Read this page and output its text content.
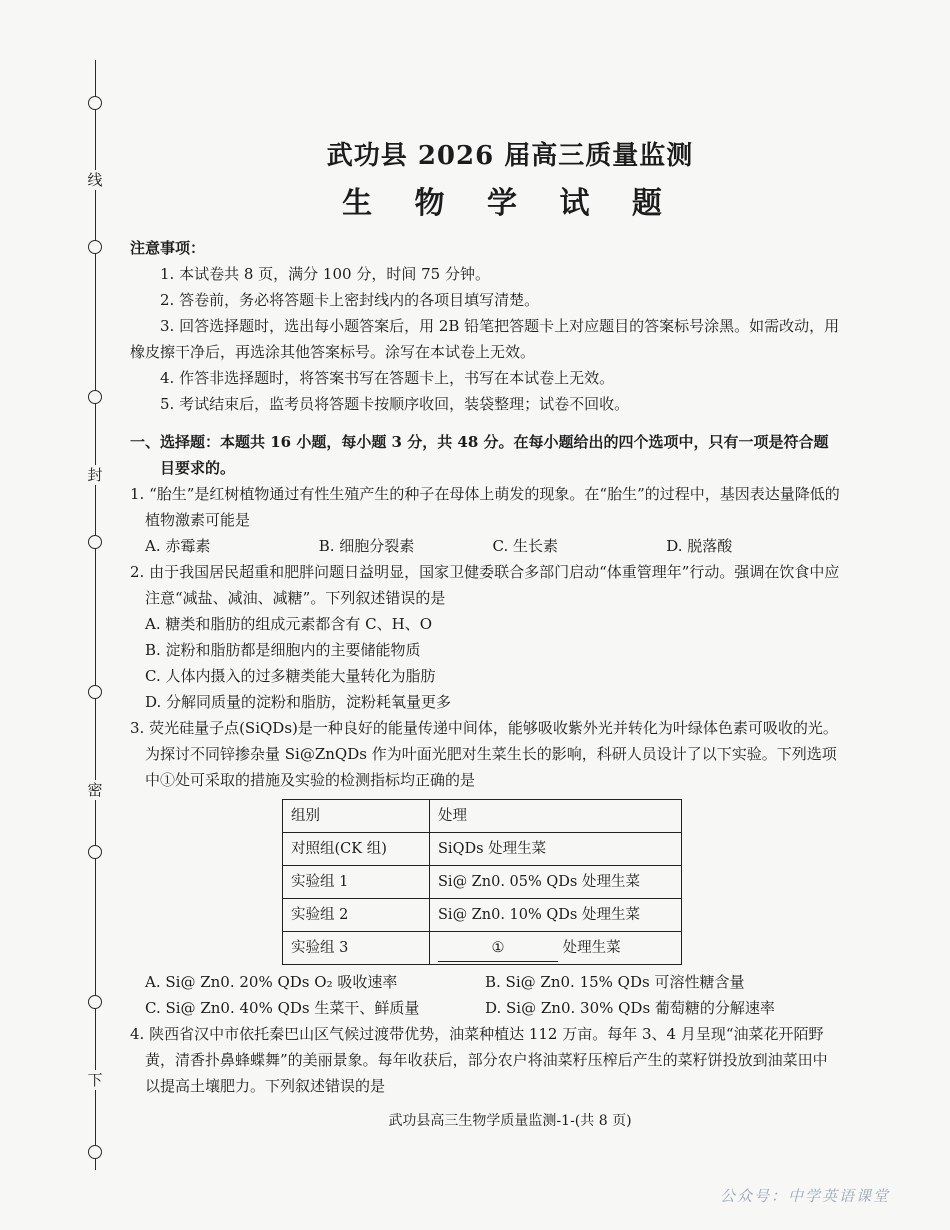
线
封
密
下
武功县 2026 届高三质量监测
生 物 学 试 题
注意事项：
1. 本试卷共 8 页，满分 100 分，时间 75 分钟。
2. 答卷前，务必将答题卡上密封线内的各项目填写清楚。
3. 回答选择题时，选出每小题答案后，用 2B 铅笔把答题卡上对应题目的答案标号涂黑。如需改动，用橡皮擦干净后，再选涂其他答案标号。涂写在本试卷上无效。
4. 作答非选择题时，将答案书写在答题卡上，书写在本试卷上无效。
5. 考试结束后，监考员将答题卡按顺序收回，装袋整理；试卷不回收。
一、选择题：本题共 16 小题，每小题 3 分，共 48 分。在每小题给出的四个选项中，只有一项是符合题目要求的。
1. “胎生”是红树植物通过有性生殖产生的种子在母体上萌发的现象。在“胎生”的过程中，基因表达量降低的植物激素可能是
A. 赤霉素	B. 细胞分裂素	C. 生长素	D. 脱落酸
2. 由于我国居民超重和肥胖问题日益明显，国家卫健委联合多部门启动“体重管理年”行动。强调在饮食中应注意“减盐、减油、减糖”。下列叙述错误的是
A. 糖类和脂肪的组成元素都含有 C、H、O
B. 淀粉和脂肪都是细胞内的主要储能物质
C. 人体内摄入的过多糖类能大量转化为脂肪
D. 分解同质量的淀粉和脂肪，淀粉耗氧量更多
3. 荧光硅量子点(SiQDs)是一种良好的能量传递中间体，能够吸收紫外光并转化为叶绿体色素可吸收的光。为探讨不同锌掺杂量 Si@ZnQDs 作为叶面光肥对生菜生长的影响，科研人员设计了以下实验。下列选项中①处可采取的措施及实验的检测指标均正确的是
组别	处理
对照组(CK 组)	SiQDs 处理生菜
实验组 1	Si@ Zn0. 05% QDs 处理生菜
实验组 2	Si@ Zn0. 10% QDs 处理生菜
实验组 3	① 处理生菜
A. Si@ Zn0. 20% QDs O₂ 吸收速率	B. Si@ Zn0. 15% QDs 可溶性糖含量
C. Si@ Zn0. 40% QDs 生菜干、鲜质量	D. Si@ Zn0. 30% QDs 葡萄糖的分解速率
4. 陕西省汉中市依托秦巴山区气候过渡带优势，油菜种植达 112 万亩。每年 3、4 月呈现“油菜花开陌野黄，清香扑鼻蜂蝶舞”的美丽景象。每年收获后，部分农户将油菜籽压榨后产生的菜籽饼投放到油菜田中以提高土壤肥力。下列叙述错误的是
武功县高三生物学质量监测-1-(共 8 页)
公众号：中学英语课堂
